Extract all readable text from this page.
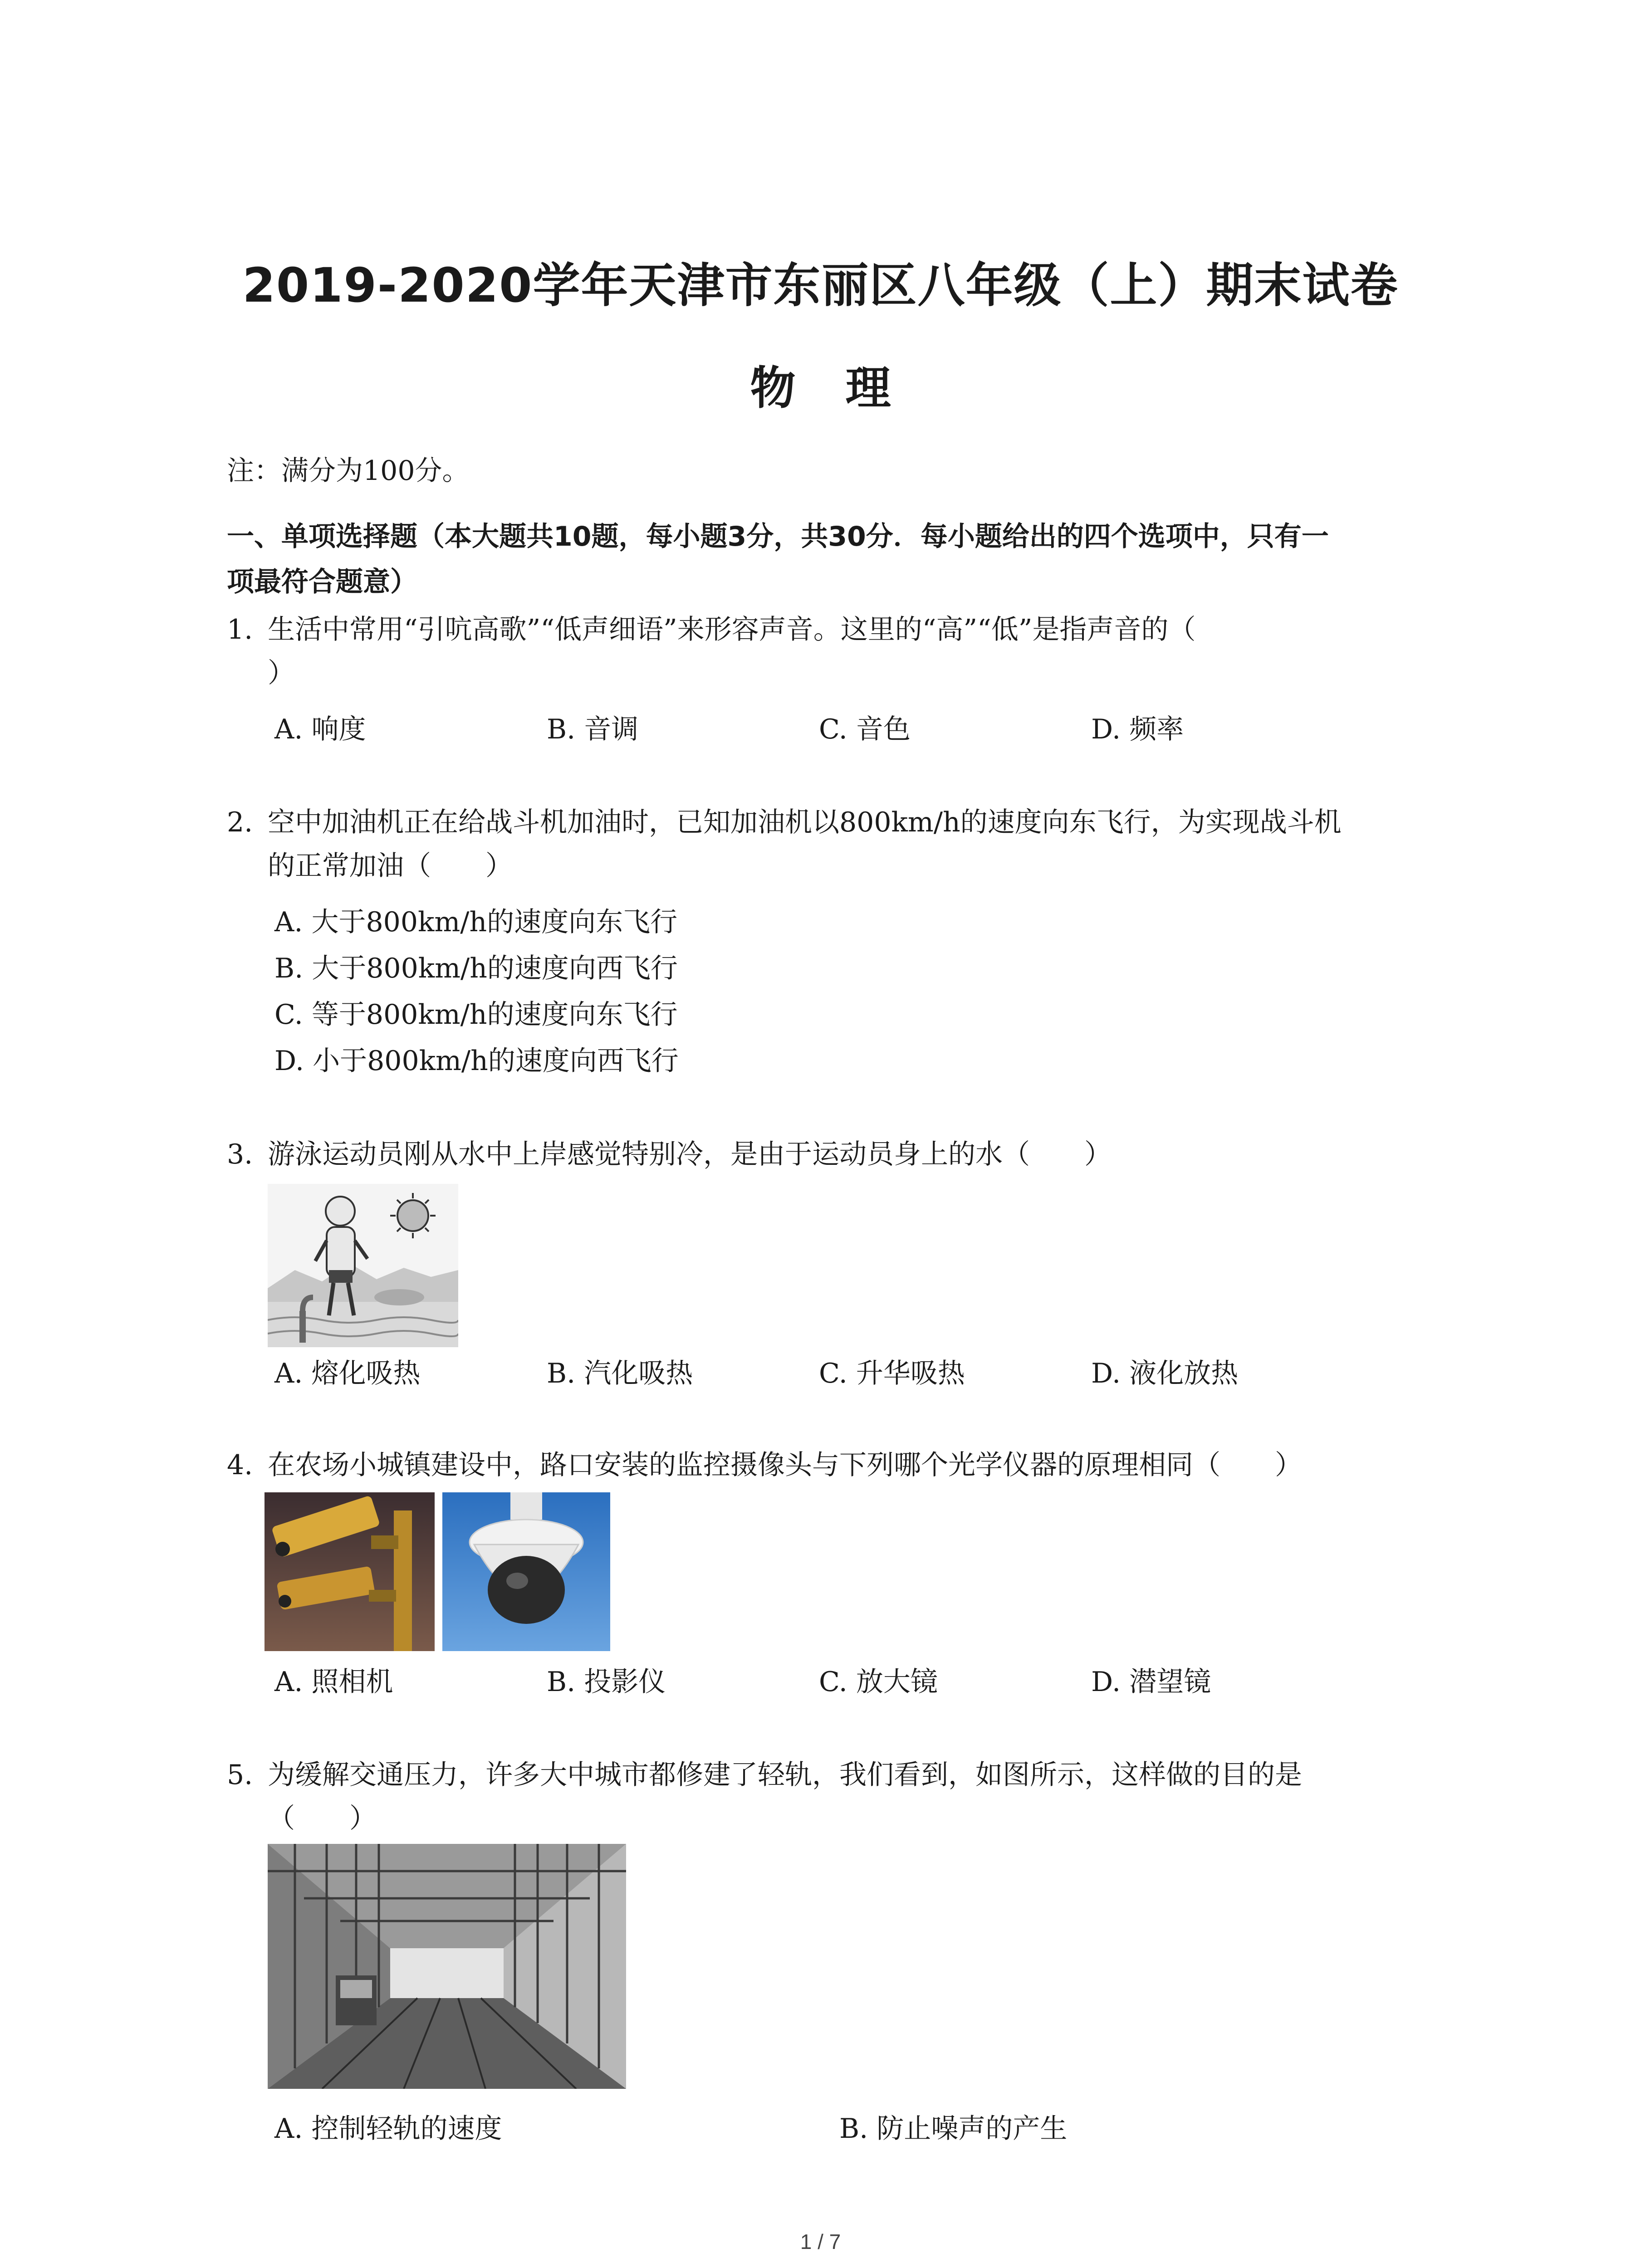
2019-2020学年天津市东丽区八年级（上）期末试卷
物理
注：满分为100分。
一、单项选择题（本大题共10题，每小题3分，共30分．每小题给出的四个选项中，只有一
项最符合题意）
1. 生活中常用“引吭高歌”“低声细语”来形容声音。这里的“高”“低”是指声音的（
）
A. 响度	B. 音调	C. 音色	D. 频率
2. 空中加油机正在给战斗机加油时，已知加油机以800km/h的速度向东飞行，为实现战斗机
的正常加油（　　）
A. 大于800km/h的速度向东飞行
B. 大于800km/h的速度向西飞行
C. 等于800km/h的速度向东飞行
D. 小于800km/h的速度向西飞行
3. 游泳运动员刚从水中上岸感觉特别冷，是由于运动员身上的水（　　）
A. 熔化吸热	B. 汽化吸热	C. 升华吸热	D. 液化放热
4. 在农场小城镇建设中，路口安装的监控摄像头与下列哪个光学仪器的原理相同（　　）
A. 照相机	B. 投影仪	C. 放大镜	D. 潜望镜
5. 为缓解交通压力，许多大中城市都修建了轻轨，我们看到，如图所示，这样做的目的是
（　　）
A. 控制轻轨的速度	B. 防止噪声的产生
1 / 7
